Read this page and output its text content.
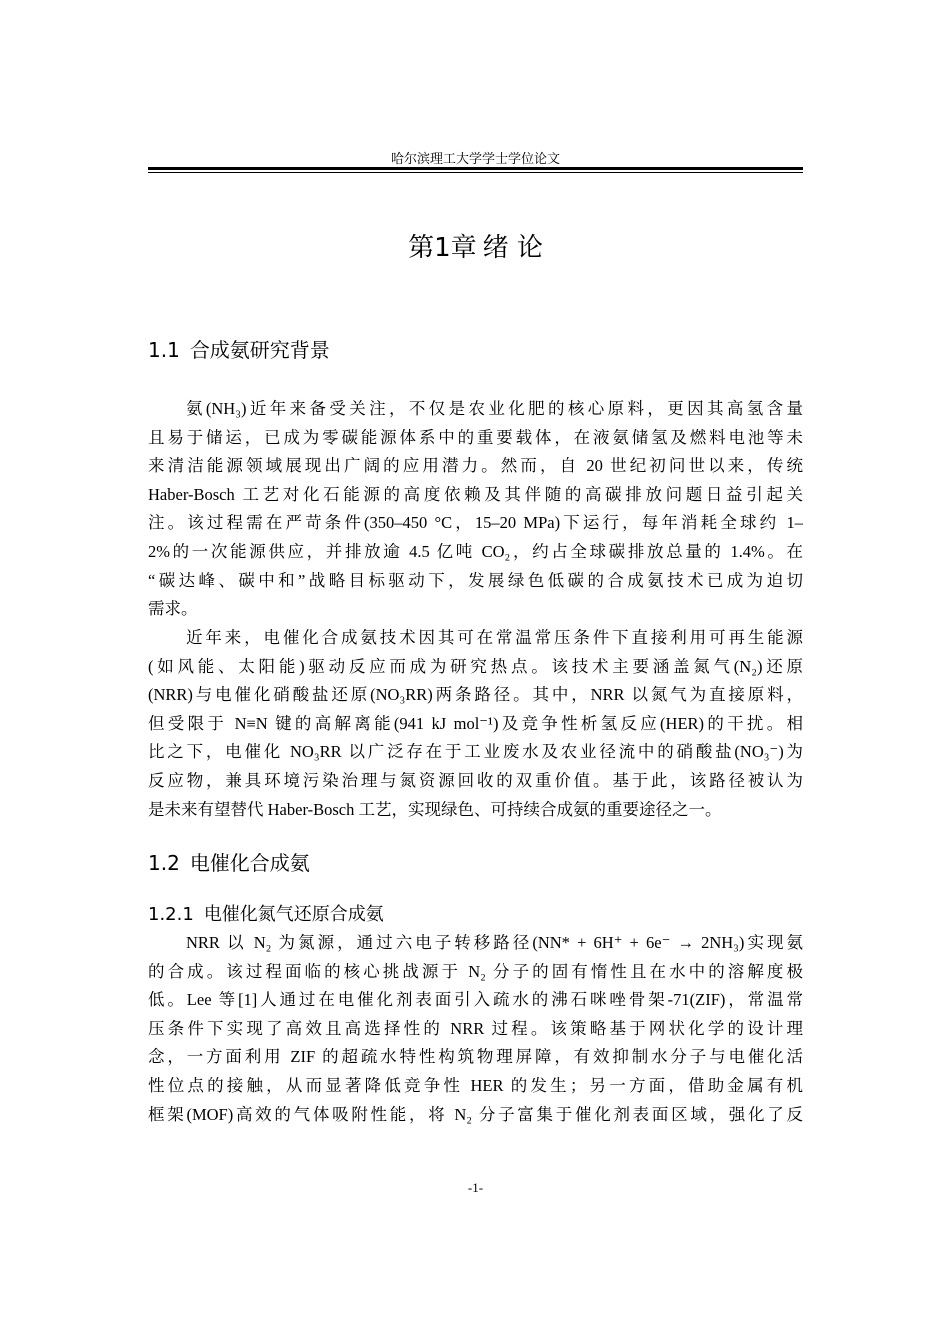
哈尔滨理工大学学士学位论文
第1章 绪 论
1.1 合成氨研究背景
氨(NH₃)近年来备受关注，不仅是农业化肥的核心原料，更因其高氢含量
且易于储运，已成为零碳能源体系中的重要载体，在液氨储氢及燃料电池等未
来清洁能源领域展现出广阔的应用潜力。然而，自 20 世纪初问世以来，传统
Haber-Bosch 工艺对化石能源的高度依赖及其伴随的高碳排放问题日益引起关
注。该过程需在严苛条件(350–450 °C，15–20 MPa)下运行，每年消耗全球约 1–
2%的一次能源供应，并排放逾 4.5 亿吨 CO₂，约占全球碳排放总量的 1.4%。在
“碳达峰、碳中和”战略目标驱动下，发展绿色低碳的合成氨技术已成为迫切
需求。
近年来，电催化合成氨技术因其可在常温常压条件下直接利用可再生能源
(如风能、太阳能)驱动反应而成为研究热点。该技术主要涵盖氮气(N₂)还原
(NRR)与电催化硝酸盐还原(NO₃RR)两条路径。其中，NRR 以氮气为直接原料，
但受限于 N≡N 键的高解离能(941 kJ mol⁻¹)及竞争性析氢反应(HER)的干扰。相
比之下，电催化 NO₃RR 以广泛存在于工业废水及农业径流中的硝酸盐(NO₃⁻)为
反应物，兼具环境污染治理与氮资源回收的双重价值。基于此，该路径被认为
是未来有望替代 Haber-Bosch 工艺，实现绿色、可持续合成氨的重要途径之一。
1.2 电催化合成氨
1.2.1 电催化氮气还原合成氨
NRR 以 N₂ 为氮源，通过六电子转移路径(NN* + 6H⁺ + 6e⁻ → 2NH₃)实现氨
的合成。该过程面临的核心挑战源于 N₂ 分子的固有惰性且在水中的溶解度极
低。Lee 等[1]人通过在电催化剂表面引入疏水的沸石咪唑骨架-71(ZIF)，常温常
压条件下实现了高效且高选择性的 NRR 过程。该策略基于网状化学的设计理
念，一方面利用 ZIF 的超疏水特性构筑物理屏障，有效抑制水分子与电催化活
性位点的接触，从而显著降低竞争性 HER 的发生；另一方面，借助金属有机
框架(MOF)高效的气体吸附性能，将 N₂ 分子富集于催化剂表面区域，强化了反
-1-
